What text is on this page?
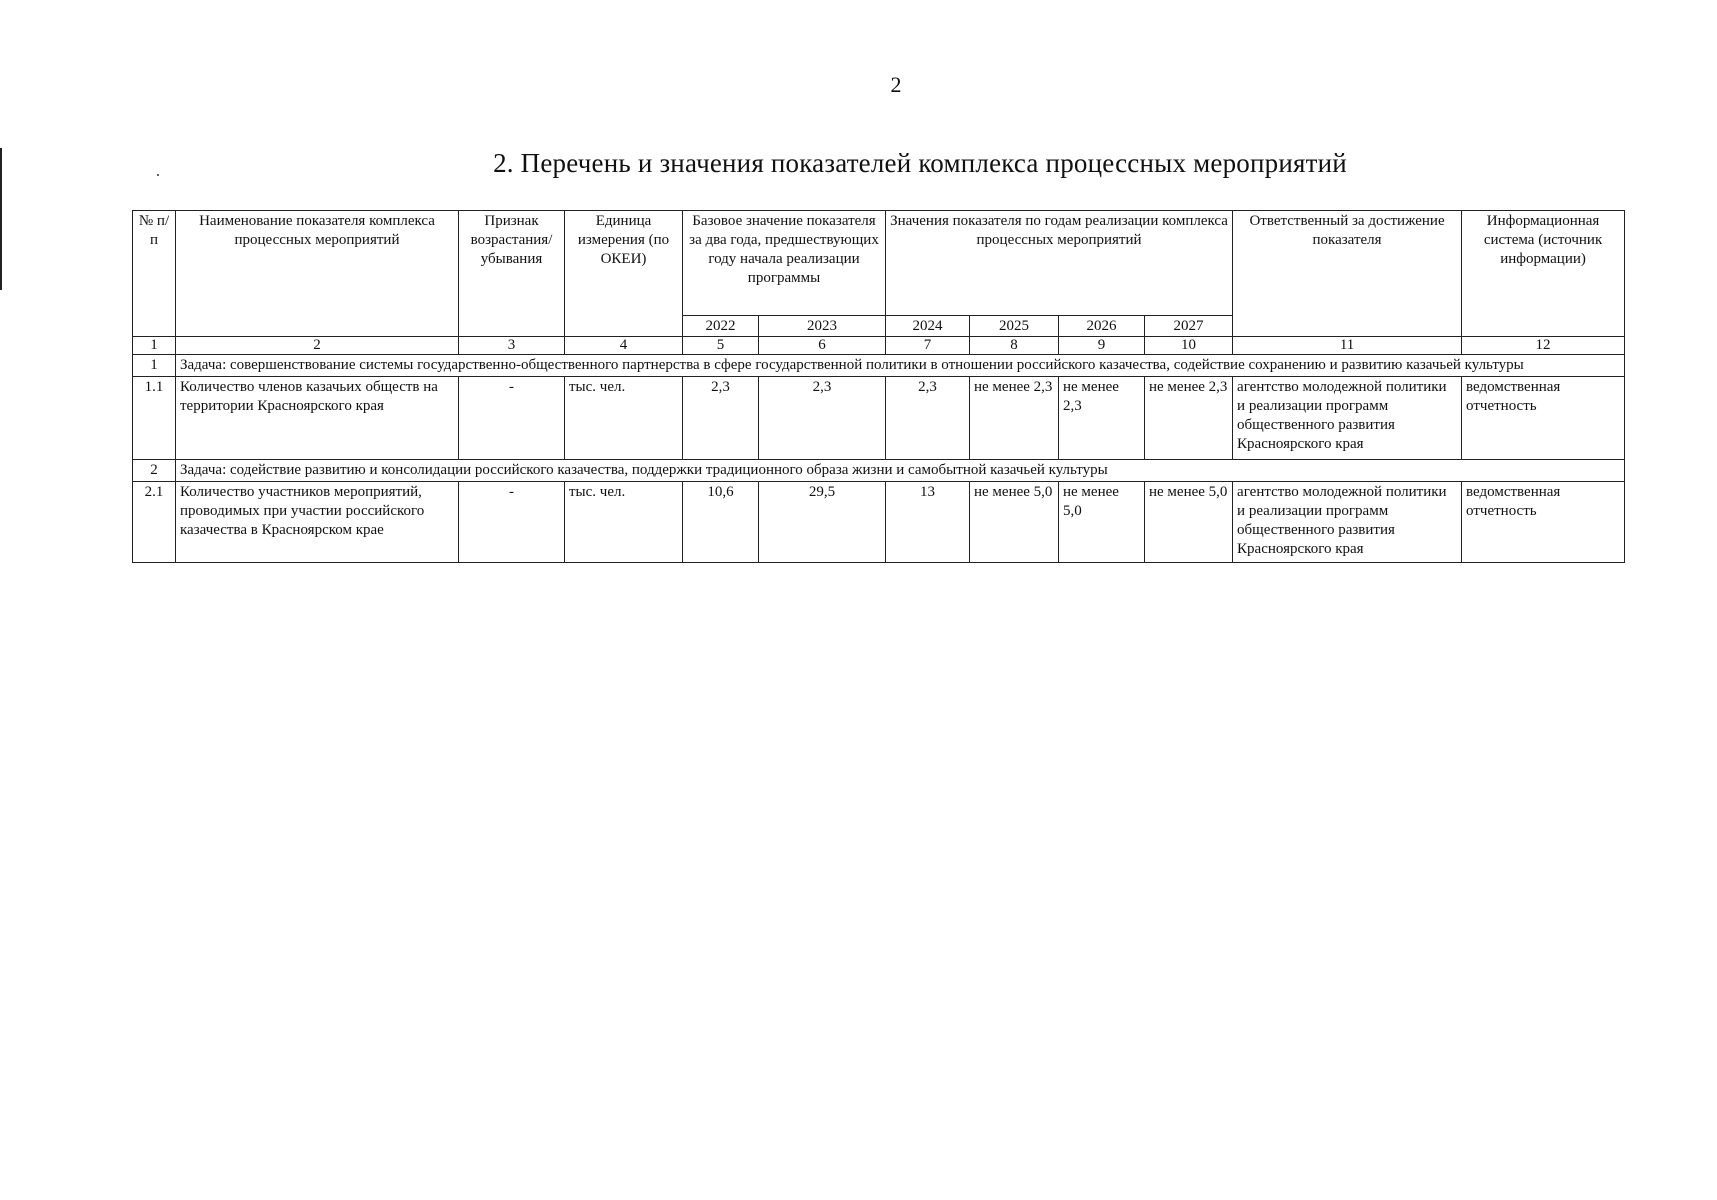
2
2. Перечень и значения показателей комплекса процессных мероприятий
№ п/п	Наименование показателя комплекса процессных мероприятий	Признак возрастания/ убывания	Единица измерения (по ОКЕИ)	Базовое значение показателя за два года, предшествующих году начала реализации программы		Значения показателя по годам реализации комплекса процессных мероприятий				Ответственный за достижение показателя	Информационная система (источник информации)
				2022	2023	2024	2025	2026	2027		
1	2	3	4	5	6	7	8	9	10	11	12
1	Задача: совершенствование системы государственно-общественного партнерства в сфере государственной политики в отношении российского казачества, содействие сохранению и развитию казачьей культуры										
1.1	Количество членов казачьих обществ на территории Красноярского края	-	тыс. чел.	2,3	2,3	2,3	не менее 2,3	не менее 2,3	не менее 2,3	агентство молодежной политики и реализации программ общественного развития Красноярского края	ведомственная отчетность
2	Задача: содействие развитию и консолидации российского казачества, поддержки традиционного образа жизни и самобытной казачьей культуры										
2.1	Количество участников мероприятий, проводимых при участии российского казачества в Красноярском крае	-	тыс. чел.	10,6	29,5	13	не менее 5,0	не менее 5,0	не менее 5,0	агентство молодежной политики и реализации программ общественного развития Красноярского края	ведомственная отчетность
